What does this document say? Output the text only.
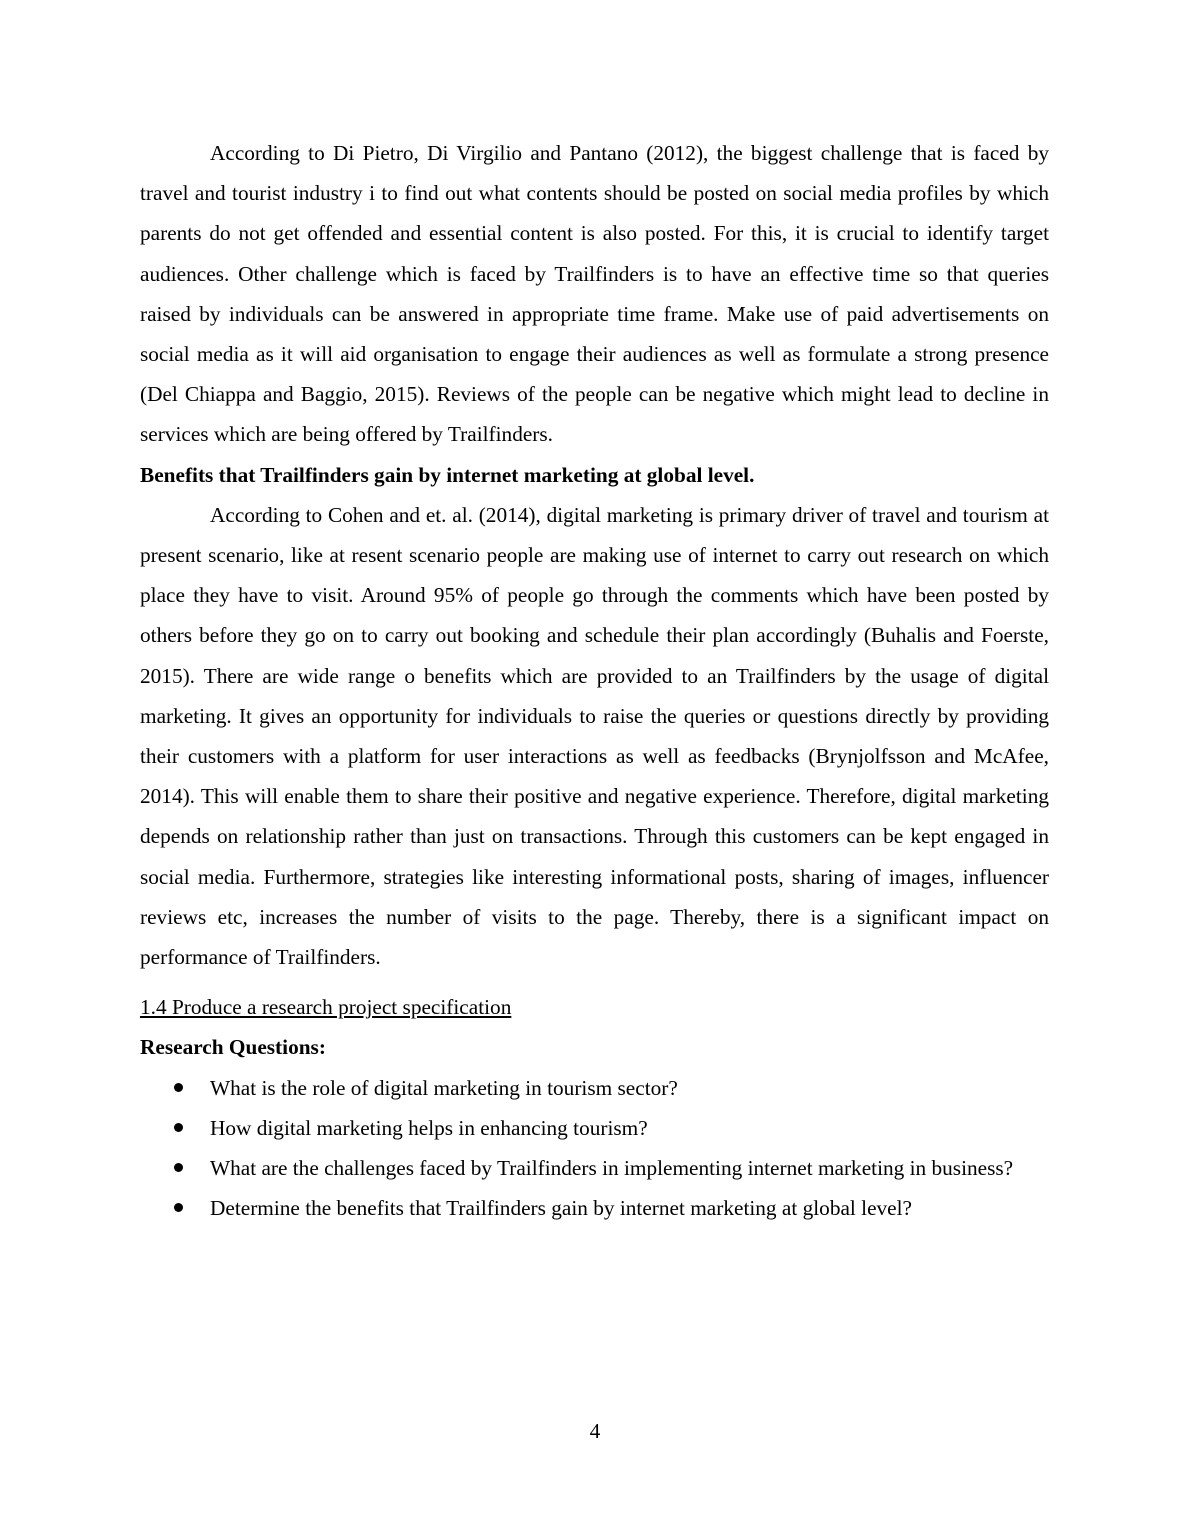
According to Di Pietro, Di Virgilio and Pantano (2012), the biggest challenge that is faced by travel and tourist industry i to find out what contents should be posted on social media profiles by which parents do not get offended and essential content is also posted. For this, it is crucial to identify target audiences. Other challenge which is faced by Trailfinders is to have an effective time so that queries raised by individuals can be answered in appropriate time frame. Make use of paid advertisements on social media as it will aid organisation to engage their audiences as well as formulate a strong presence (Del Chiappa and Baggio, 2015). Reviews of the people can be negative which might lead to decline in services which are being offered by Trailfinders.

Benefits that Trailfinders gain by internet marketing at global level.

According to Cohen and et. al. (2014), digital marketing is primary driver of travel and tourism at present scenario, like at resent scenario people are making use of internet to carry out research on which place they have to visit. Around 95% of people go through the comments which have been posted by others before they go on to carry out booking and schedule their plan accordingly (Buhalis and Foerste, 2015). There are wide range o benefits which are provided to an Trailfinders by the usage of digital marketing. It gives an opportunity for individuals to raise the queries or questions directly by providing their customers with a platform for user interactions as well as feedbacks (Brynjolfsson and McAfee, 2014). This will enable them to share their positive and negative experience. Therefore, digital marketing depends on relationship rather than just on transactions. Through this customers can be kept engaged in social media. Furthermore, strategies like interesting informational posts, sharing of images, influencer reviews etc, increases the number of visits to the page. Thereby, there is a significant impact on performance of Trailfinders.

1.4 Produce a research project specification

Research Questions:

What is the role of digital marketing in tourism sector?
How digital marketing helps in enhancing tourism?
What are the challenges faced by Trailfinders in implementing internet marketing in business?
Determine the benefits that Trailfinders gain by internet marketing at global level?
4
